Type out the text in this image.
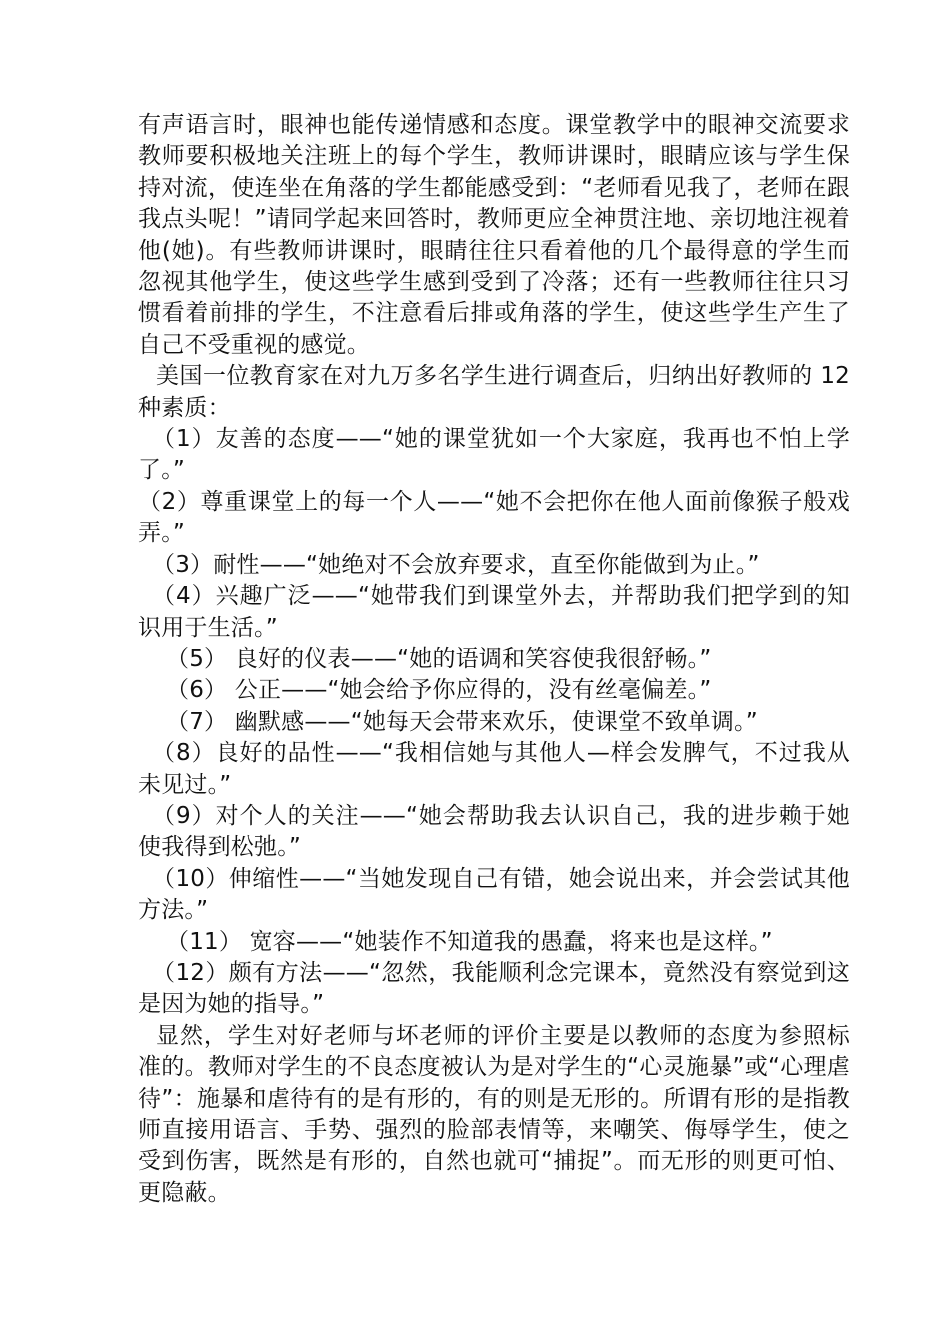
有声语言时，眼神也能传递情感和态度。课堂教学中的眼神交流要求教师要积极地关注班上的每个学生，教师讲课时，眼睛应该与学生保持对流，使连坐在角落的学生都能感受到：“老师看见我了，老师在跟我点头呢！”请同学起来回答时，教师更应全神贯注地、亲切地注视着他(她)。有些教师讲课时，眼睛往往只看着他的几个最得意的学生而忽视其他学生，使这些学生感到受到了冷落；还有一些教师往往只习惯看着前排的学生，不注意看后排或角落的学生，使这些学生产生了自己不受重视的感觉。

美国一位教育家在对九万多名学生进行调查后，归纳出好教师的 12 种素质：

（1）友善的态度——“她的课堂犹如一个大家庭，我再也不怕上学了。”

（2）尊重课堂上的每一个人——“她不会把你在他人面前像猴子般戏弄。”

（3）耐性——“她绝对不会放弃要求，直至你能做到为止。”

（4）兴趣广泛——“她带我们到课堂外去，并帮助我们把学到的知识用于生活。”

（5） 良好的仪表——“她的语调和笑容使我很舒畅。”

（6） 公正——“她会给予你应得的，没有丝毫偏差。”

（7） 幽默感——“她每天会带来欢乐，使课堂不致单调。”

（8）良好的品性——“我相信她与其他人—样会发脾气，不过我从未见过。”

（9）对个人的关注——“她会帮助我去认识自己，我的进步赖于她使我得到松弛。”

（10）伸缩性——“当她发现自己有错，她会说出来，并会尝试其他方法。”

（11） 宽容——“她装作不知道我的愚蠢，将来也是这样。”

（12）颇有方法——“忽然，我能顺利念完课本，竟然没有察觉到这是因为她的指导。”

显然，学生对好老师与坏老师的评价主要是以教师的态度为参照标准的。教师对学生的不良态度被认为是对学生的“心灵施暴”或“心理虐待”：施暴和虐待有的是有形的，有的则是无形的。所谓有形的是指教师直接用语言、手势、强烈的脸部表情等，来嘲笑、侮辱学生，使之受到伤害，既然是有形的，自然也就可“捕捉”。而无形的则更可怕、更隐蔽。
